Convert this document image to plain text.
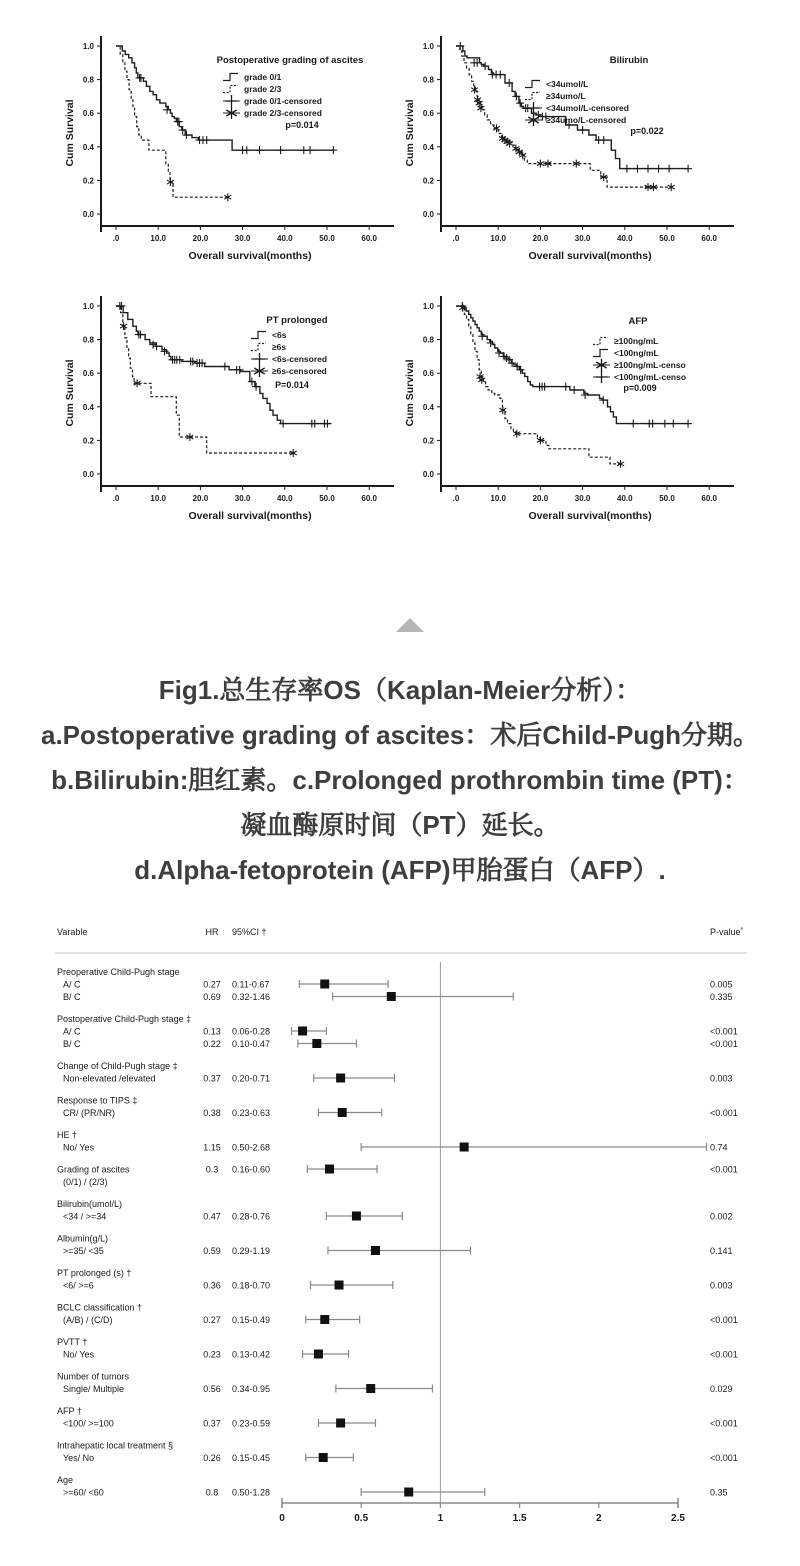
0.0
0.2
0.4
0.6
0.8
1.0
.0	10.0	20.0	30.0	40.0	50.0	60.0
Overall survival(months)
Cum Survival
Postoperative grading of ascites
grade 0/1
grade 2/3
grade 0/1-censored
grade 2/3-censored
p=0.014
0.0
0.2
0.4
0.6
0.8
1.0
.0	10.0	20.0	30.0	40.0	50.0	60.0
Overall survival(months)
Cum Survival
Bilirubin
<34umol/L
≥34umo/L
<34umol/L-censored
≥34umo/L-censored
p=0.022
0.0
0.2
0.4
0.6
0.8
1.0
.0	10.0	20.0	30.0	40.0	50.0	60.0
Overall survival(months)
Cum Survival
PT prolonged
<6s
≥6s
<6s-censored
≥6s-censored
P=0.014
0.0
0.2
0.4
0.6
0.8
1.0
.0	10.0	20.0	30.0	40.0	50.0	60.0
Overall survival(months)
Cum Survival
AFP
≥100ng/mL
<100ng/mL
≥100ng/mL-censo
<100ng/mL-censo
p=0.009
Fig1.总生存率OS（Kaplan-Meier分析）：
a.Postoperative grading of ascites：术后Child-Pugh分期。
b.Bilirubin:胆红素。c.Prolonged prothrombin time (PT)：
凝血酶原时间（PT）延长。
d.Alpha-fetoprotein (AFP)甲胎蛋白（AFP）.
Varable	HR 95%CI †	P-value*
Preoperative Child-Pugh stage
A/ C	0.27 0.11-0.67	0.005
B/ C	0.69 0.32-1.46	0.335
Postoperative Child-Pugh stage ‡
A/ C	0.13 0.06-0.28	<0.001
B/ C	0.22 0.10-0.47	<0.001
Change of Child-Pugh stage ‡
Non-elevated /elevated	0.37 0.20-0.71	0.003
Response to TIPS ‡
CR/ (PR/NR)	0.38 0.23-0.63	<0.001
HE †
No/ Yes	1.15 0.50-2.68	0.74
Grading of ascites	0.3 0.16-0.60	<0.001
(0/1) / (2/3)
Bilirubin(umol/L)
<34 / >=34	0.47 0.28-0.76	0.002
Albumin(g/L)
>=35/ <35	0.59 0.29-1.19	0.141
PT prolonged (s) †
<6/ >=6	0.36 0.18-0.70	0.003
BCLC classification †
(A/B) / (C/D)	0.27 0.15-0.49	<0.001
PVTT †
No/ Yes	0.23 0.13-0.42	<0.001
Number of tumors
Single/ Multiple	0.56 0.34-0.95	0.029
AFP †
<100/ >=100	0.37 0.23-0.59	<0.001
Intrahepatic local treatment §
Yes/ No	0.26 0.15-0.45	<0.001
Age
>=60/ <60	0.8 0.50-1.28	0.35
0	0.5	1	1.5	2	2.5
